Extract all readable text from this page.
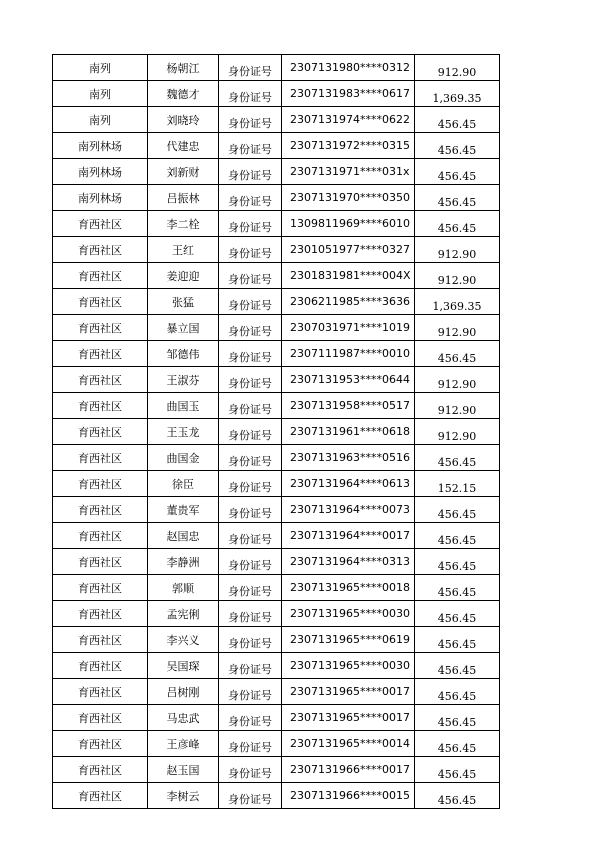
南列	杨朝江	身份证号	2307131980****0312	912.90
南列	魏德才	身份证号	2307131983****0617	1,369.35
南列	刘晓玲	身份证号	2307131974****0622	456.45
南列林场	代建忠	身份证号	2307131972****0315	456.45
南列林场	刘新财	身份证号	2307131971****031x	456.45
南列林场	吕振林	身份证号	2307131970****0350	456.45
育西社区	李二栓	身份证号	1309811969****6010	456.45
育西社区	王红	身份证号	2301051977****0327	912.90
育西社区	姜迎迎	身份证号	2301831981****004X	912.90
育西社区	张猛	身份证号	2306211985****3636	1,369.35
育西社区	暴立国	身份证号	2307031971****1019	912.90
育西社区	邹德伟	身份证号	2307111987****0010	456.45
育西社区	王淑芬	身份证号	2307131953****0644	912.90
育西社区	曲国玉	身份证号	2307131958****0517	912.90
育西社区	王玉龙	身份证号	2307131961****0618	912.90
育西社区	曲国金	身份证号	2307131963****0516	456.45
育西社区	徐臣	身份证号	2307131964****0613	152.15
育西社区	董贵军	身份证号	2307131964****0073	456.45
育西社区	赵国忠	身份证号	2307131964****0017	456.45
育西社区	李静洲	身份证号	2307131964****0313	456.45
育西社区	郭顺	身份证号	2307131965****0018	456.45
育西社区	孟宪俐	身份证号	2307131965****0030	456.45
育西社区	李兴义	身份证号	2307131965****0619	456.45
育西社区	吴国琛	身份证号	2307131965****0030	456.45
育西社区	吕树刚	身份证号	2307131965****0017	456.45
育西社区	马忠武	身份证号	2307131965****0017	456.45
育西社区	王彦峰	身份证号	2307131965****0014	456.45
育西社区	赵玉国	身份证号	2307131966****0017	456.45
育西社区	李树云	身份证号	2307131966****0015	456.45
